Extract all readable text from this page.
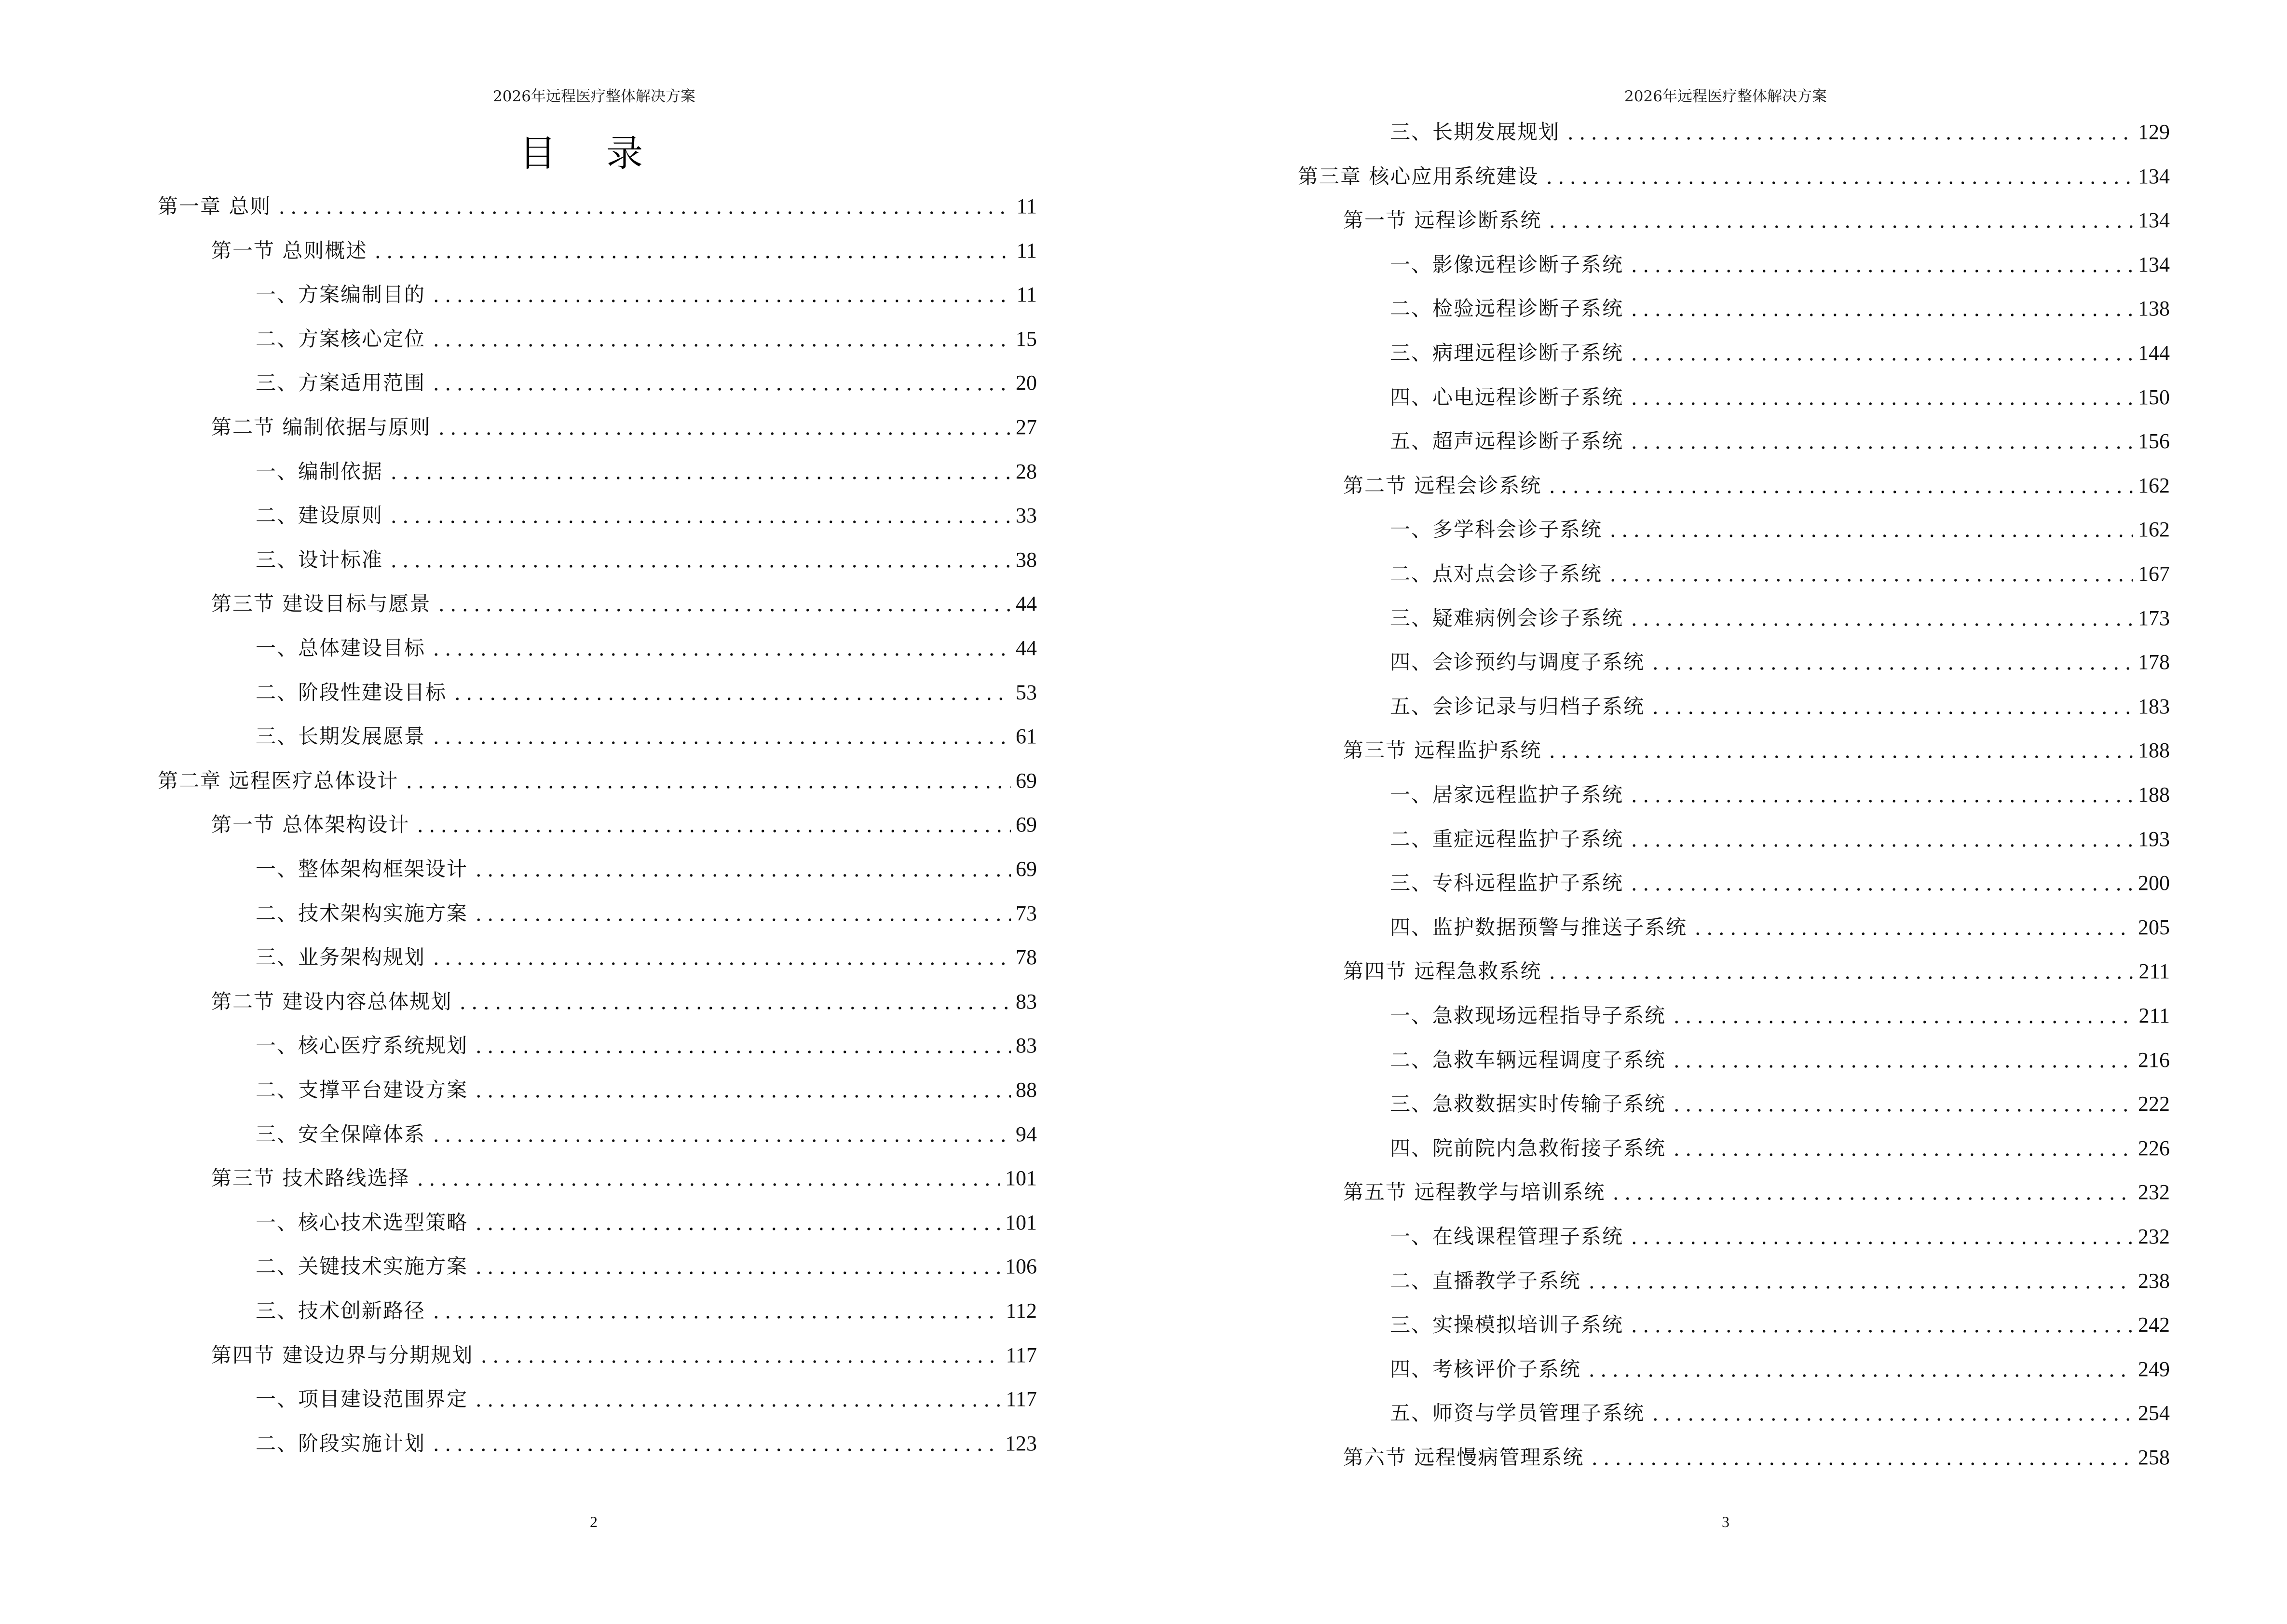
2026年远程医疗整体解决方案
目 录
第一章 总则	11
第一节 总则概述	11
一、方案编制目的	11
二、方案核心定位	15
三、方案适用范围	20
第二节 编制依据与原则	27
一、编制依据	28
二、建设原则	33
三、设计标准	38
第三节 建设目标与愿景	44
一、总体建设目标	44
二、阶段性建设目标	53
三、长期发展愿景	61
第二章 远程医疗总体设计	69
第一节 总体架构设计	69
一、整体架构框架设计	69
二、技术架构实施方案	73
三、业务架构规划	78
第二节 建设内容总体规划	83
一、核心医疗系统规划	83
二、支撑平台建设方案	88
三、安全保障体系	94
第三节 技术路线选择	101
一、核心技术选型策略	101
二、关键技术实施方案	106
三、技术创新路径	112
第四节 建设边界与分期规划	117
一、项目建设范围界定	117
二、阶段实施计划	123
2
2026年远程医疗整体解决方案
三、长期发展规划	129
第三章 核心应用系统建设	134
第一节 远程诊断系统	134
一、影像远程诊断子系统	134
二、检验远程诊断子系统	138
三、病理远程诊断子系统	144
四、心电远程诊断子系统	150
五、超声远程诊断子系统	156
第二节 远程会诊系统	162
一、多学科会诊子系统	162
二、点对点会诊子系统	167
三、疑难病例会诊子系统	173
四、会诊预约与调度子系统	178
五、会诊记录与归档子系统	183
第三节 远程监护系统	188
一、居家远程监护子系统	188
二、重症远程监护子系统	193
三、专科远程监护子系统	200
四、监护数据预警与推送子系统	205
第四节 远程急救系统	211
一、急救现场远程指导子系统	211
二、急救车辆远程调度子系统	216
三、急救数据实时传输子系统	222
四、院前院内急救衔接子系统	226
第五节 远程教学与培训系统	232
一、在线课程管理子系统	232
二、直播教学子系统	238
三、实操模拟培训子系统	242
四、考核评价子系统	249
五、师资与学员管理子系统	254
第六节 远程慢病管理系统	258
3
